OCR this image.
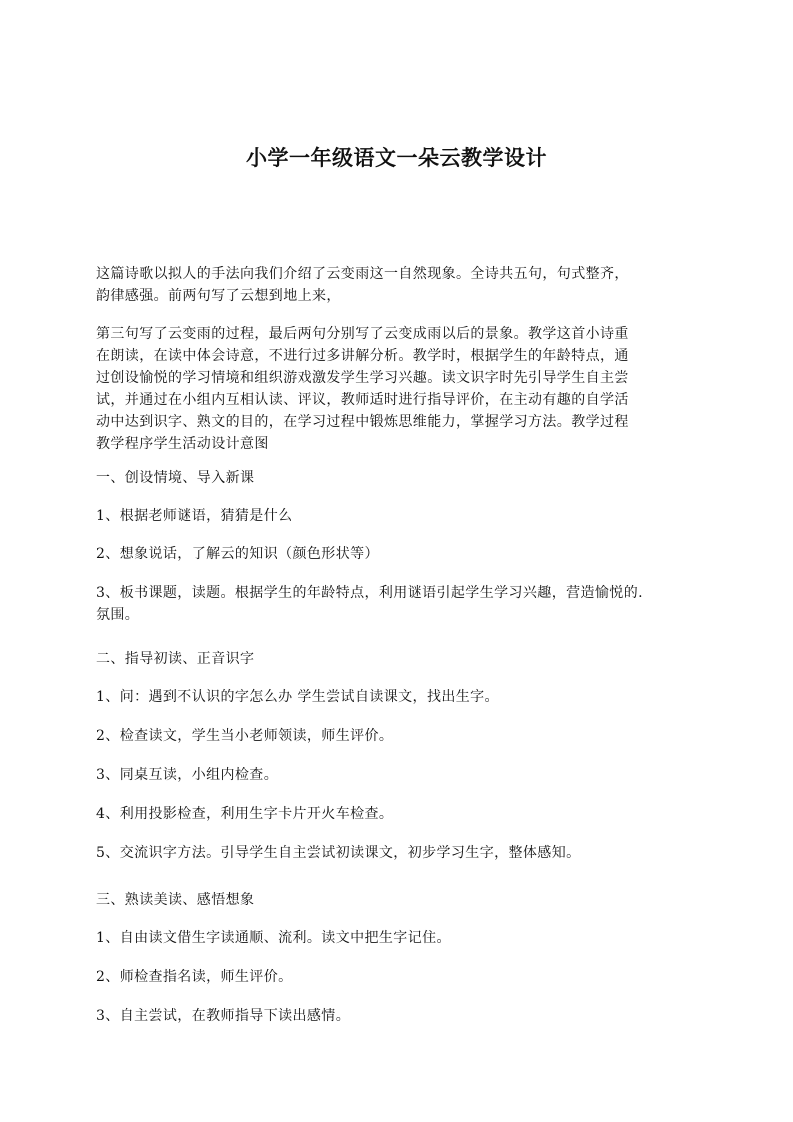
小学一年级语文一朵云教学设计
这篇诗歌以拟人的手法向我们介绍了云变雨这一自然现象。全诗共五句，句式整齐，
韵律感强。前两句写了云想到地上来，
第三句写了云变雨的过程，最后两句分别写了云变成雨以后的景象。教学这首小诗重
在朗读，在读中体会诗意，不进行过多讲解分析。教学时，根据学生的年龄特点，通
过创设愉悦的学习情境和组织游戏激发学生学习兴趣。读文识字时先引导学生自主尝
试，并通过在小组内互相认读、评议，教师适时进行指导评价，在主动有趣的自学活
动中达到识字、熟文的目的，在学习过程中锻炼思维能力，掌握学习方法。教学过程
教学程序学生活动设计意图

一、创设情境、导入新课

1、根据老师谜语，猜猜是什么

2、想象说话，了解云的知识（颜色形状等）

3、板书课题，读题。根据学生的年龄特点，利用谜语引起学生学习兴趣，营造愉悦的.
氛围。

二、指导初读、正音识字

1、问：遇到不认识的字怎么办 学生尝试自读课文，找出生字。

2、检查读文，学生当小老师领读，师生评价。

3、同桌互读，小组内检查。

4、利用投影检查，利用生字卡片开火车检查。

5、交流识字方法。引导学生自主尝试初读课文，初步学习生字，整体感知。

三、熟读美读、感悟想象

1、自由读文借生字读通顺、流利。读文中把生字记住。

2、师检查指名读，师生评价。

3、自主尝试，在教师指导下读出感情。
